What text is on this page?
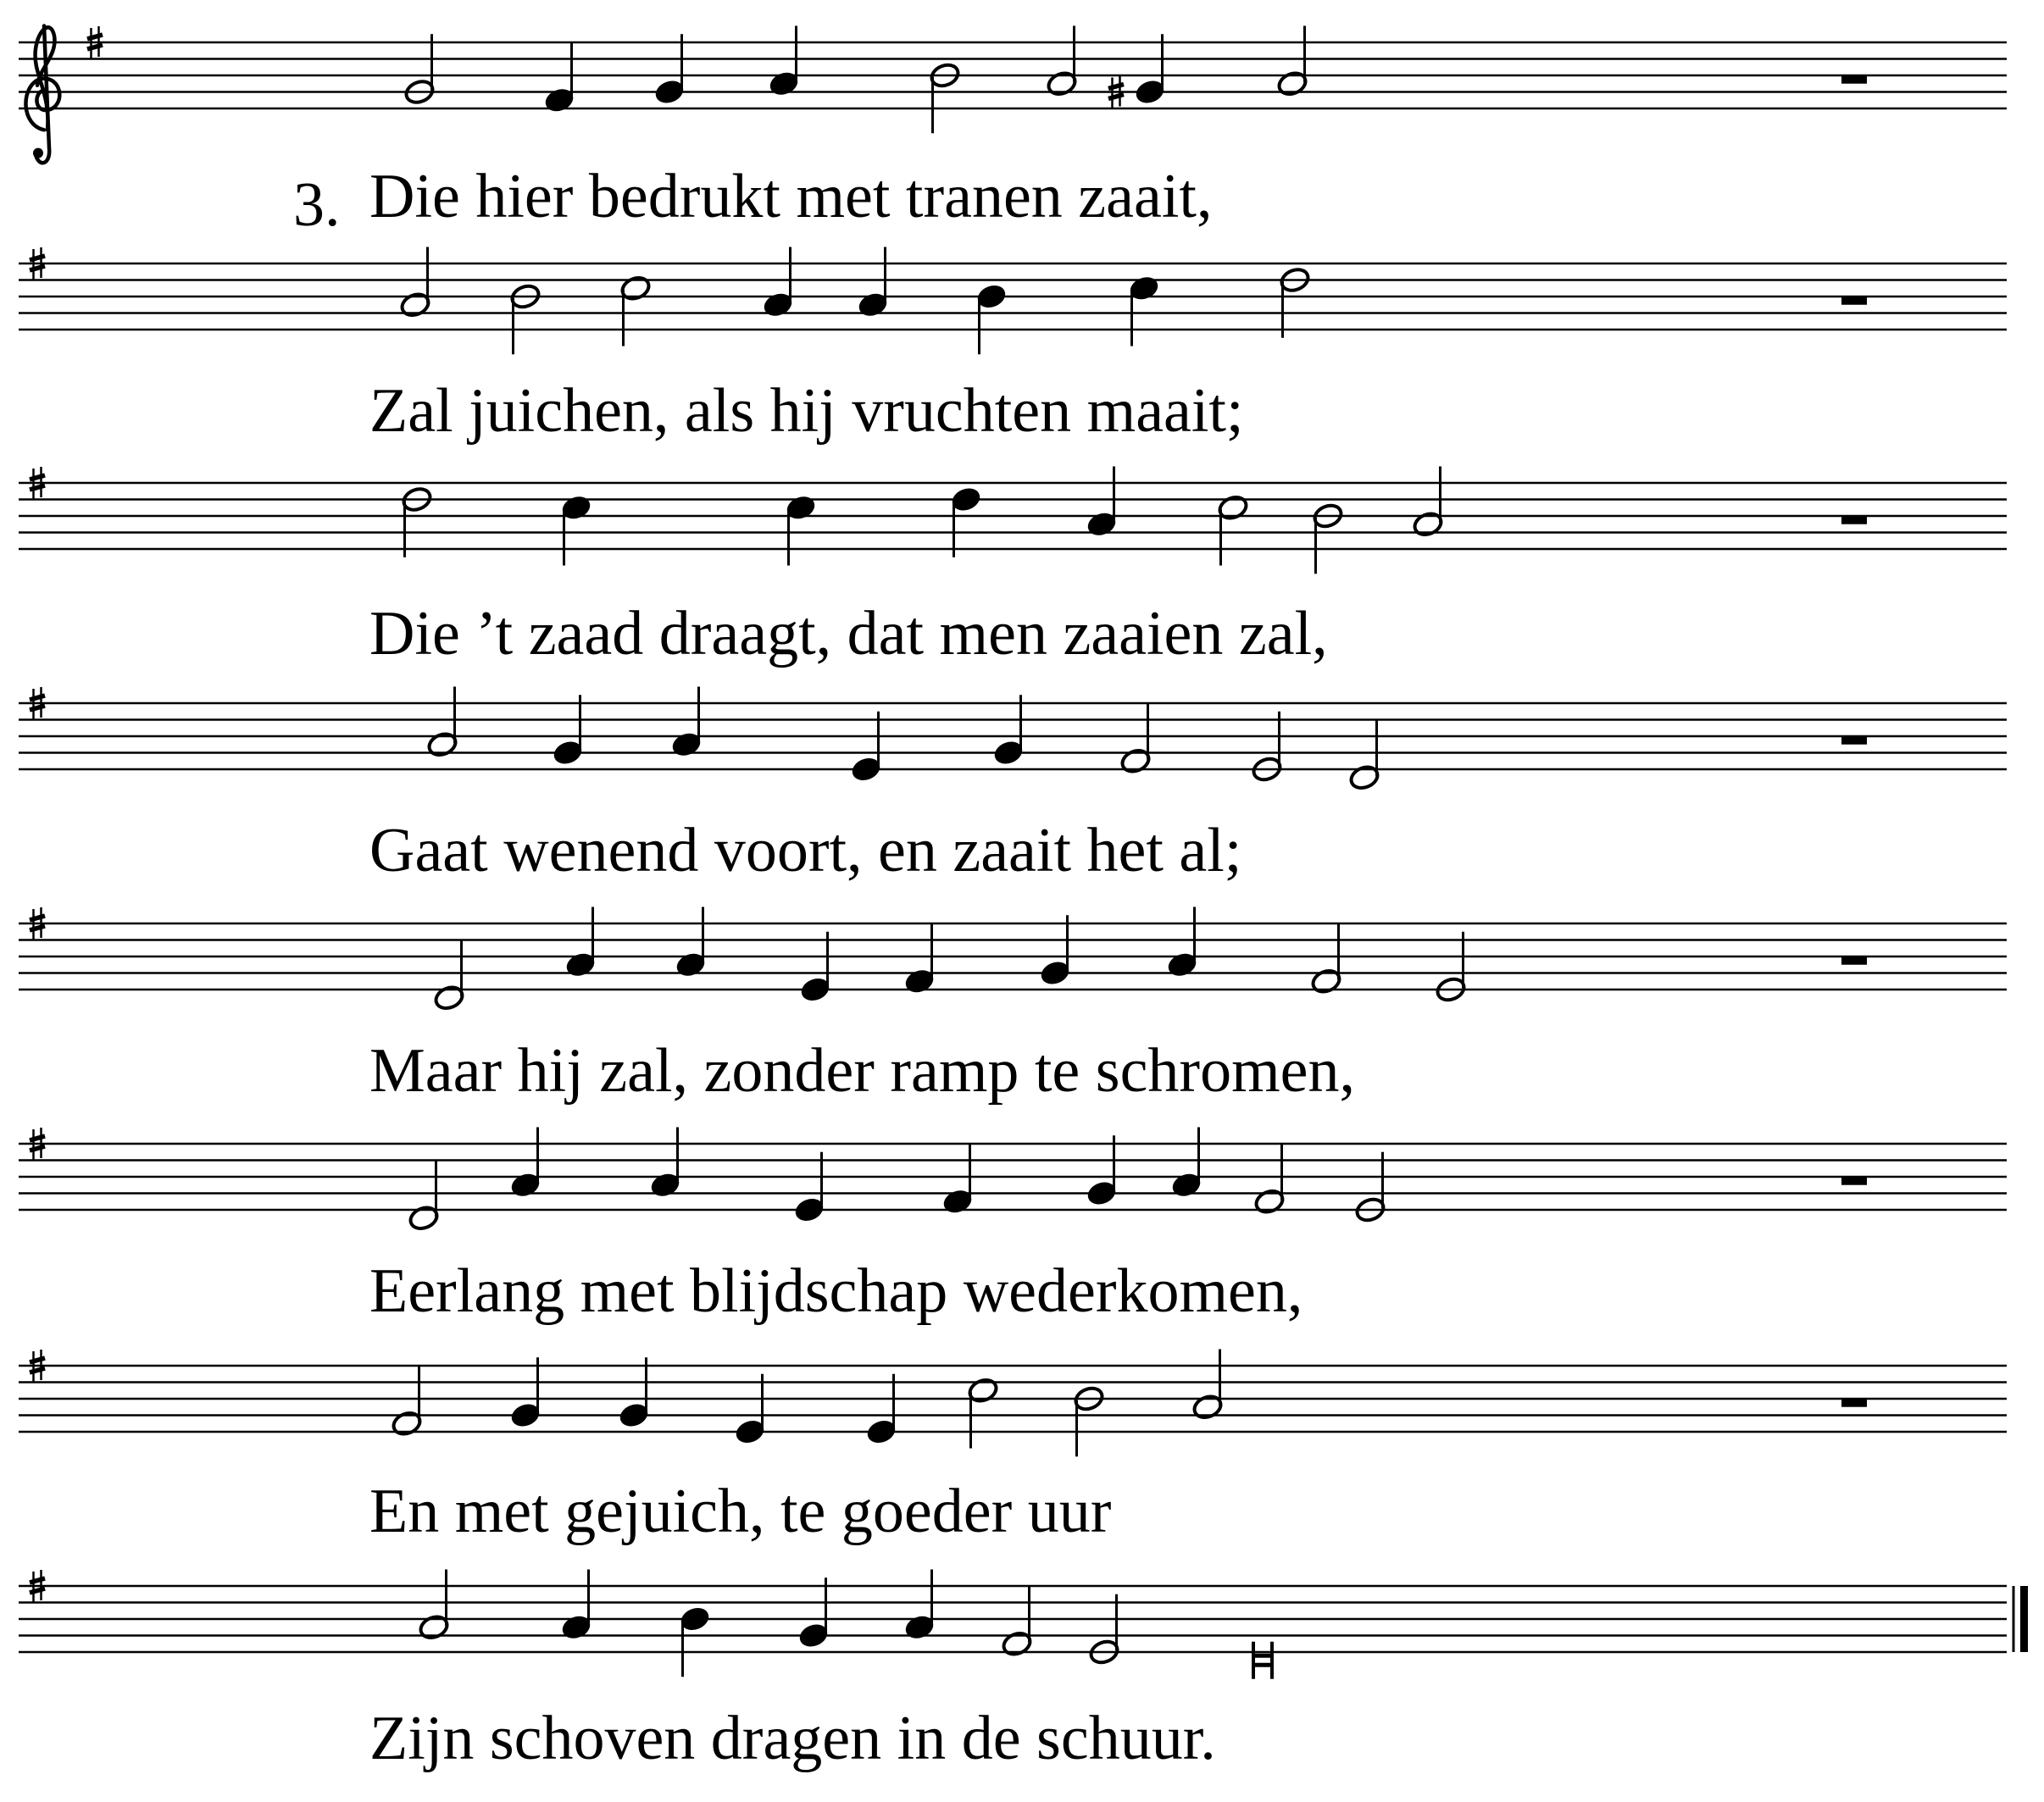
3. Die hier bedrukt met tranen zaait,
Zal juichen, als hij vruchten maait;
Die ’t zaad draagt, dat men zaaien zal,
Gaat wenend voort, en zaait het al;
Maar hij zal, zonder ramp te schromen,
Eerlang met blijdschap wederkomen,
En met gejuich, te goeder uur
Zijn schoven dragen in de schuur.
